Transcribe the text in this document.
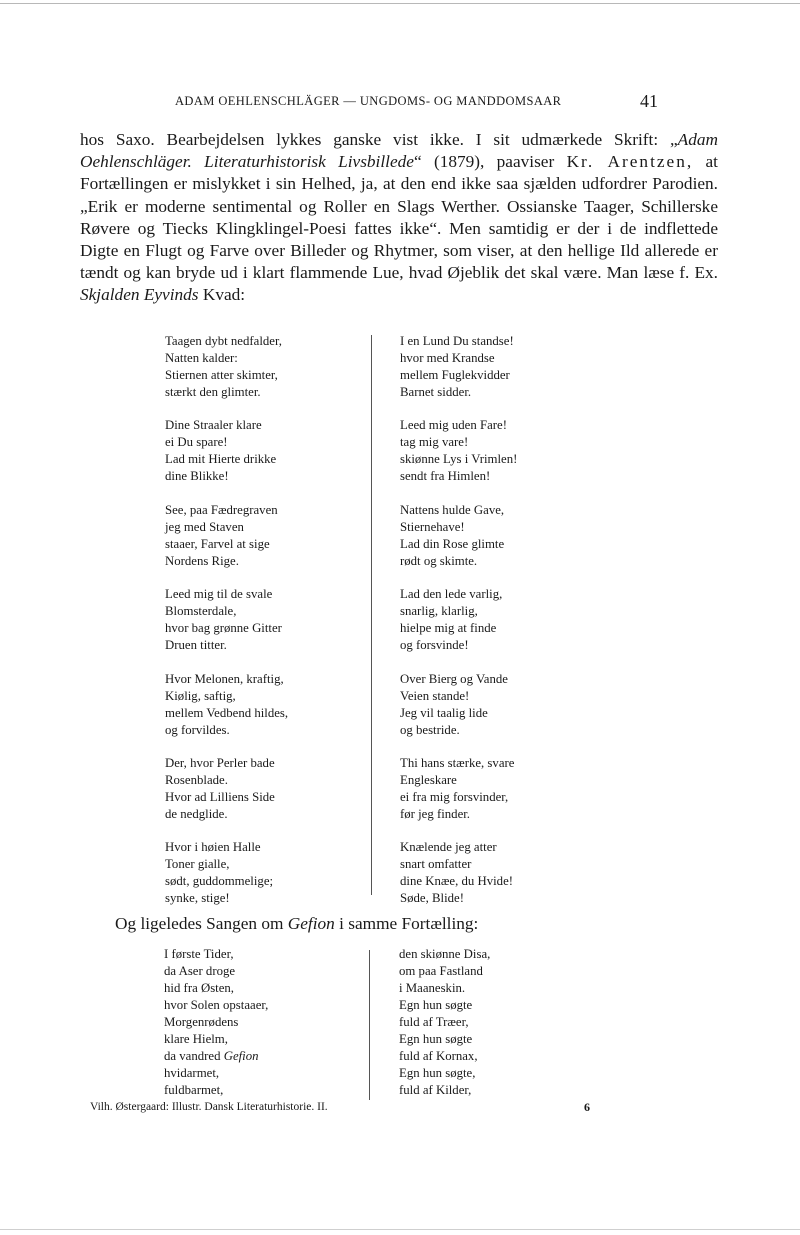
ADAM OEHLENSCHLÄGER — UNGDOMS- OG MANDDOMSAAR	41

hos Saxo. Bearbejdelsen lykkes ganske vist ikke. I sit udmærkede Skrift: „Adam Oehlenschläger. Literaturhistorisk Livsbillede“ (1879), paaviser Kr. Arentzen, at Fortællingen er mislykket i sin Helhed, ja, at den end ikke saa sjælden udfordrer Parodien. „Erik er moderne sentimental og Roller en Slags Werther. Ossianske Taager, Schillerske Røvere og Tiecks Klingklingel-Poesi fattes ikke“. Men samtidig er der i de indflettede Digte en Flugt og Farve over Billeder og Rhytmer, som viser, at den hellige Ild allerede er tændt og kan bryde ud i klart flammende Lue, hvad Øjeblik det skal være. Man læse f. Ex. Skjalden Eyvinds Kvad:

Taagen dybt nedfalder,
Natten kalder:
Stiernen atter skimter,
stærkt den glimter.
Dine Straaler klare
ei Du spare!
Lad mit Hierte drikke
dine Blikke!
See, paa Fædregraven
jeg med Staven
staaer, Farvel at sige
Nordens Rige.
Leed mig til de svale
Blomsterdale,
hvor bag grønne Gitter
Druen titter.
Hvor Melonen, kraftig,
Kiølig, saftig,
mellem Vedbend hildes,
og forvildes.
Der, hvor Perler bade
Rosenblade.
Hvor ad Lilliens Side
de nedglide.
Hvor i høien Halle
Toner gialle,
sødt, guddommelige;
synke, stige!
I en Lund Du standse!
hvor med Krandse
mellem Fuglekvidder
Barnet sidder.
Leed mig uden Fare!
tag mig vare!
skiønne Lys i Vrimlen!
sendt fra Himlen!
Nattens hulde Gave,
Stiernehave!
Lad din Rose glimte
rødt og skimte.
Lad den lede varlig,
snarlig, klarlig,
hielpe mig at finde
og forsvinde!
Over Bierg og Vande
Veien stande!
Jeg vil taalig lide
og bestride.
Thi hans stærke, svare
Engleskare
ei fra mig forsvinder,
før jeg finder.
Knælende jeg atter
snart omfatter
dine Knæe, du Hvide!
Søde, Blide!
Og ligeledes Sangen om Gefion i samme Fortælling:
I første Tider,
da Aser droge
hid fra Østen,
hvor Solen opstaaer,
Morgenrødens
klare Hielm,
da vandred Gefion
hvidarmet,
fuldbarmet,
den skiønne Disa,
om paa Fastland
i Maaneskin.
Egn hun søgte
fuld af Træer,
Egn hun søgte
fuld af Kornax,
Egn hun søgte,
fuld af Kilder,
Vilh. Østergaard: Illustr. Dansk Literaturhistorie. II.	6
